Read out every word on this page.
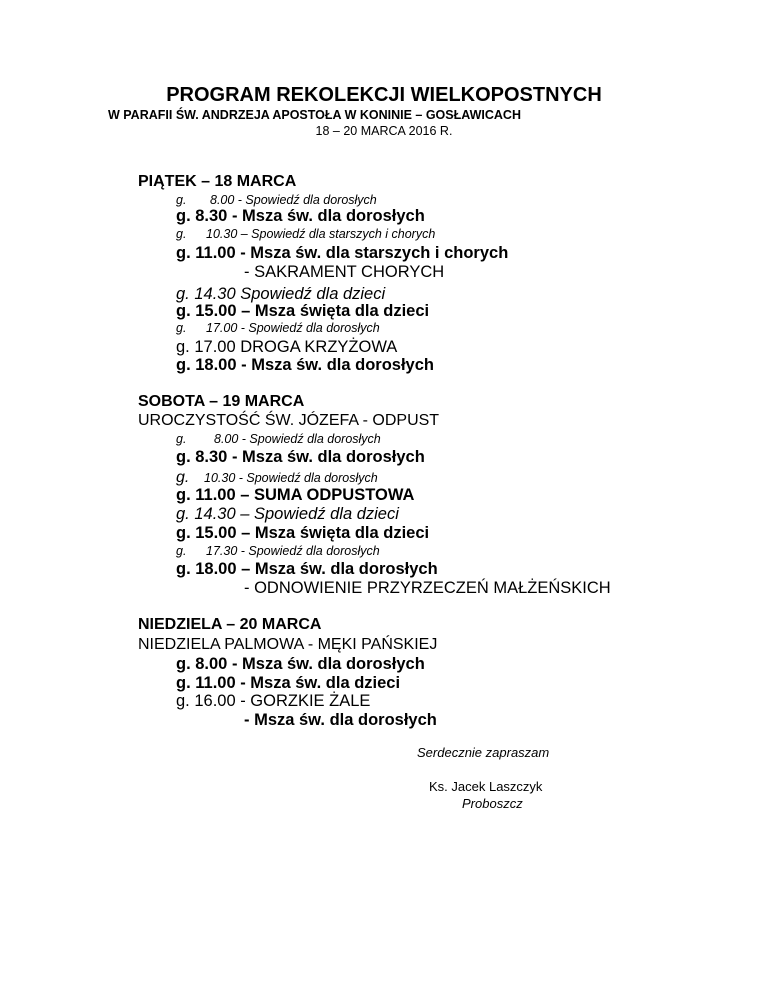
PROGRAM REKOLEKCJI WIELKOPOSTNYCH
W PARAFII ŚW. ANDRZEJA APOSTOŁA W KONINIE – GOSŁAWICACH
18 – 20 MARCA 2016 R.
PIĄTEK – 18 MARCA
g. 8.00 - Spowiedź dla dorosłych
g. 8.30 - Msza św. dla dorosłych
g. 10.30 – Spowiedź dla starszych i chorych
g. 11.00 - Msza św. dla starszych i chorych
- SAKRAMENT CHORYCH
g. 14.30 Spowiedź dla dzieci
g. 15.00 – Msza święta dla dzieci
g. 17.00 - Spowiedź dla dorosłych
g. 17.00 DROGA KRZYŻOWA
g. 18.00 - Msza św. dla dorosłych
SOBOTA – 19 MARCA
UROCZYSTOŚĆ ŚW. JÓZEFA - ODPUST
g. 8.00 - Spowiedź dla dorosłych
g. 8.30 - Msza św. dla dorosłych
g. 10.30 - Spowiedź dla dorosłych
g. 11.00 – SUMA ODPUSTOWA
g. 14.30 – Spowiedź dla dzieci
g. 15.00 – Msza święta dla dzieci
g. 17.30 - Spowiedź dla dorosłych
g. 18.00 – Msza św. dla dorosłych
- ODNOWIENIE PRZYRZECZEŃ MAŁŻEŃSKICH
NIEDZIELA – 20 MARCA
NIEDZIELA PALMOWA - MĘKI PAŃSKIEJ
g. 8.00 - Msza św. dla dorosłych
g. 11.00 - Msza św. dla dzieci
g. 16.00 - GORZKIE ŻALE
- Msza św. dla dorosłych
Serdecznie zapraszam
Ks. Jacek Laszczyk
Proboszcz
